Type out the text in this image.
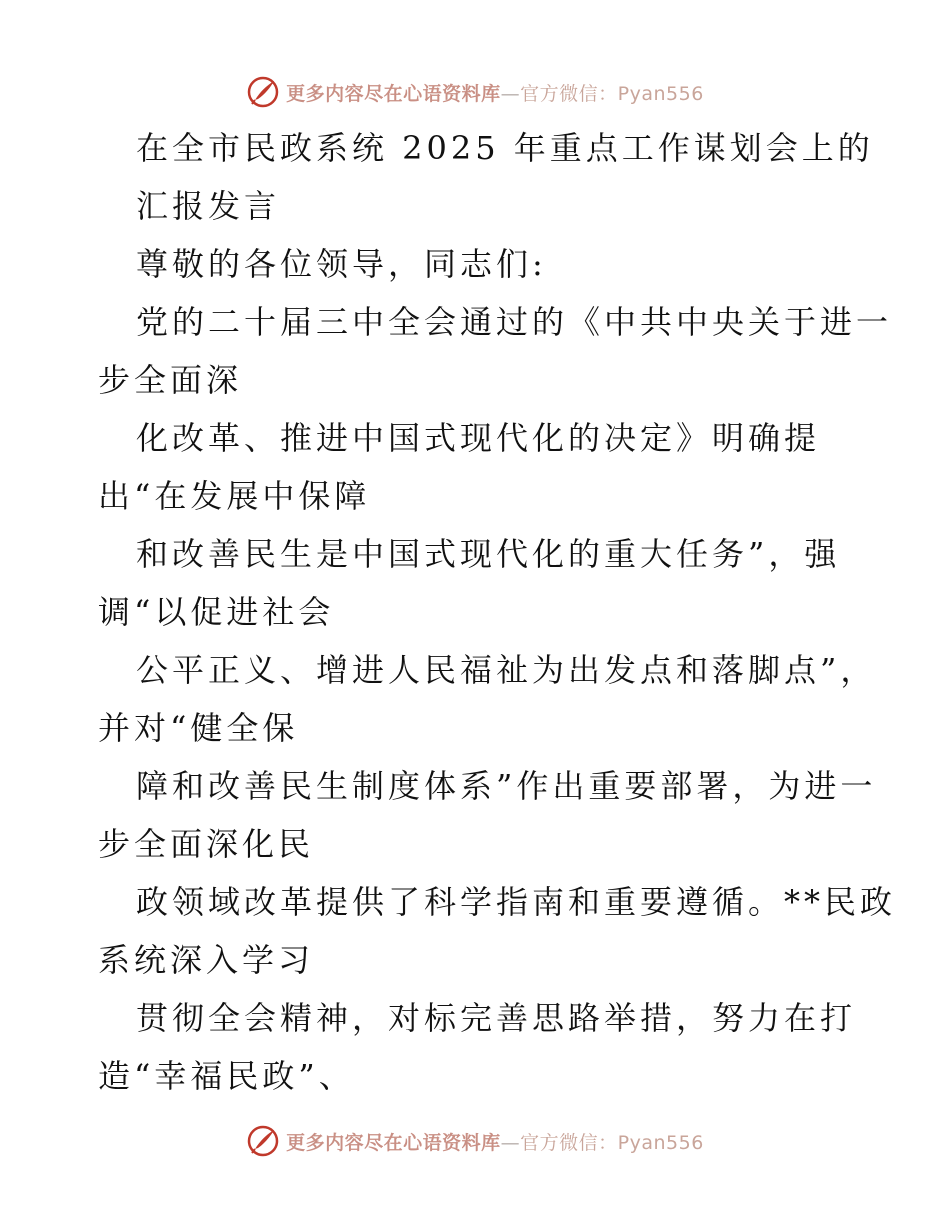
更多内容尽在心语资料库—官方微信：Pyan556
在全市民政系统 2025 年重点工作谋划会上的
汇报发言
尊敬的各位领导，同志们:
党的二十届三中全会通过的《中共中央关于进一
步全面深
化改革、推进中国式现代化的决定》明确提
出“在发展中保障
和改善民生是中国式现代化的重大任务”，强
调“以促进社会
公平正义、增进人民福祉为出发点和落脚点”，
并对“健全保
障和改善民生制度体系”作出重要部署，为进一
步全面深化民
政领域改革提供了科学指南和重要遵循。**民政
系统深入学习
贯彻全会精神，对标完善思路举措，努力在打
造“幸福民政”、
更多内容尽在心语资料库—官方微信：Pyan556
